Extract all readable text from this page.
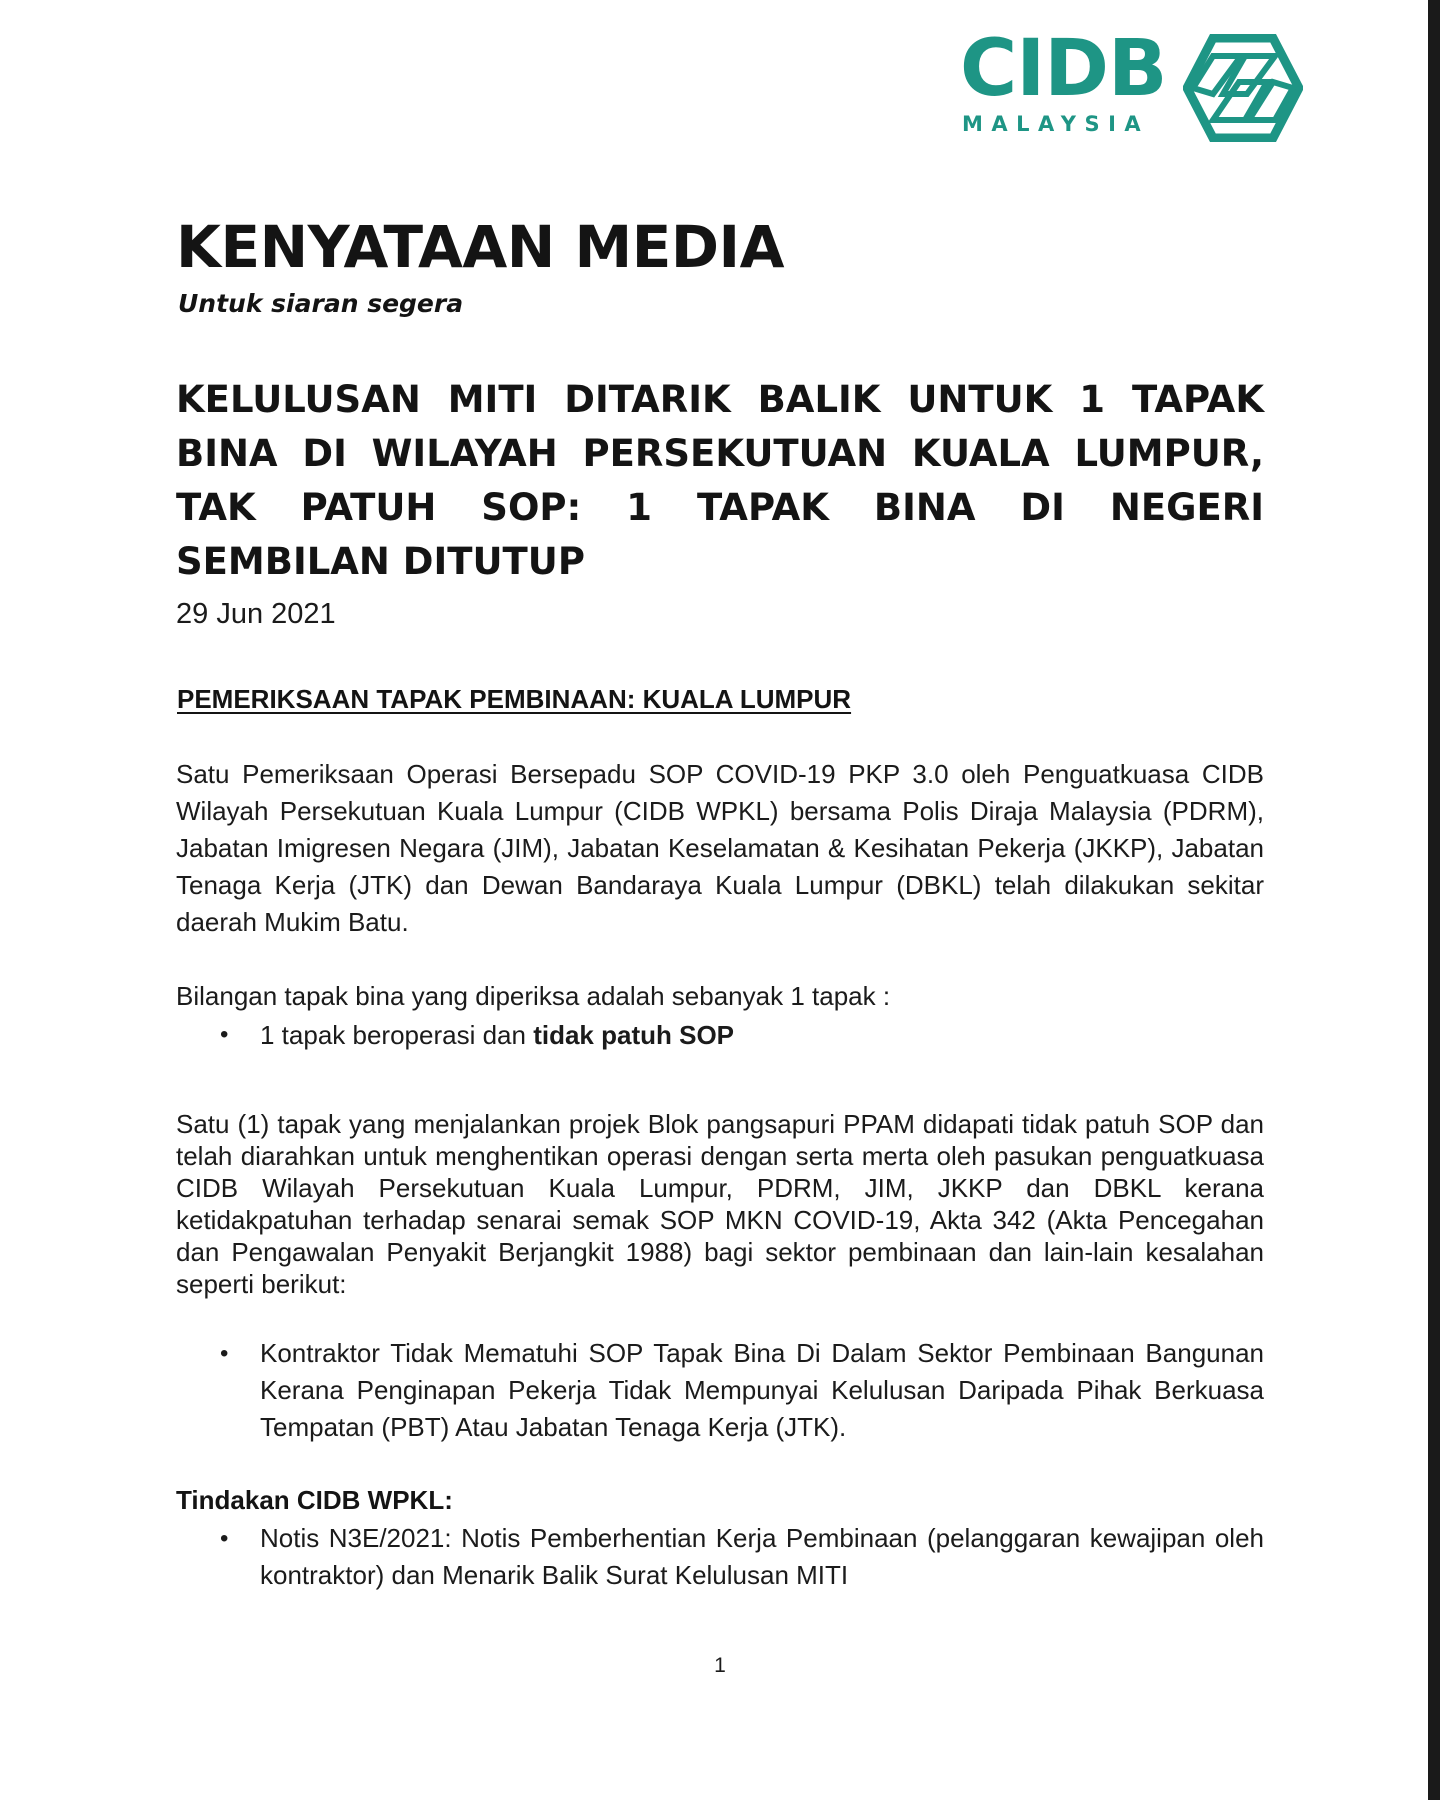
CIDB
MALAYSIA
KENYATAAN MEDIA
Untuk siaran segera
KELULUSAN MITI DITARIK BALIK UNTUK 1 TAPAK BINA DI WILAYAH PERSEKUTUAN KUALA LUMPUR, TAK PATUH SOP: 1 TAPAK BINA DI NEGERI SEMBILAN DITUTUP
29 Jun 2021
PEMERIKSAAN TAPAK PEMBINAAN: KUALA LUMPUR

Satu Pemeriksaan Operasi Bersepadu SOP COVID-19 PKP 3.0 oleh Penguatkuasa CIDB Wilayah Persekutuan Kuala Lumpur (CIDB WPKL) bersama Polis Diraja Malaysia (PDRM), Jabatan Imigresen Negara (JIM), Jabatan Keselamatan & Kesihatan Pekerja (JKKP), Jabatan Tenaga Kerja (JTK) dan Dewan Bandaraya Kuala Lumpur (DBKL) telah dilakukan sekitar daerah Mukim Batu.

Bilangan tapak bina yang diperiksa adalah sebanyak 1 tapak :

• 1 tapak beroperasi dan tidak patuh SOP

Satu (1) tapak yang menjalankan projek Blok pangsapuri PPAM didapati tidak patuh SOP dan telah diarahkan untuk menghentikan operasi dengan serta merta oleh pasukan penguatkuasa CIDB Wilayah Persekutuan Kuala Lumpur, PDRM, JIM, JKKP dan DBKL kerana ketidakpatuhan terhadap senarai semak SOP MKN COVID-19, Akta 342 (Akta Pencegahan dan Pengawalan Penyakit Berjangkit 1988) bagi sektor pembinaan dan lain-lain kesalahan seperti berikut:

• Kontraktor Tidak Mematuhi SOP Tapak Bina Di Dalam Sektor Pembinaan Bangunan Kerana Penginapan Pekerja Tidak Mempunyai Kelulusan Daripada Pihak Berkuasa Tempatan (PBT) Atau Jabatan Tenaga Kerja (JTK).
Tindakan CIDB WPKL:
• Notis N3E/2021: Notis Pemberhentian Kerja Pembinaan (pelanggaran kewajipan oleh kontraktor) dan Menarik Balik Surat Kelulusan MITI
1
